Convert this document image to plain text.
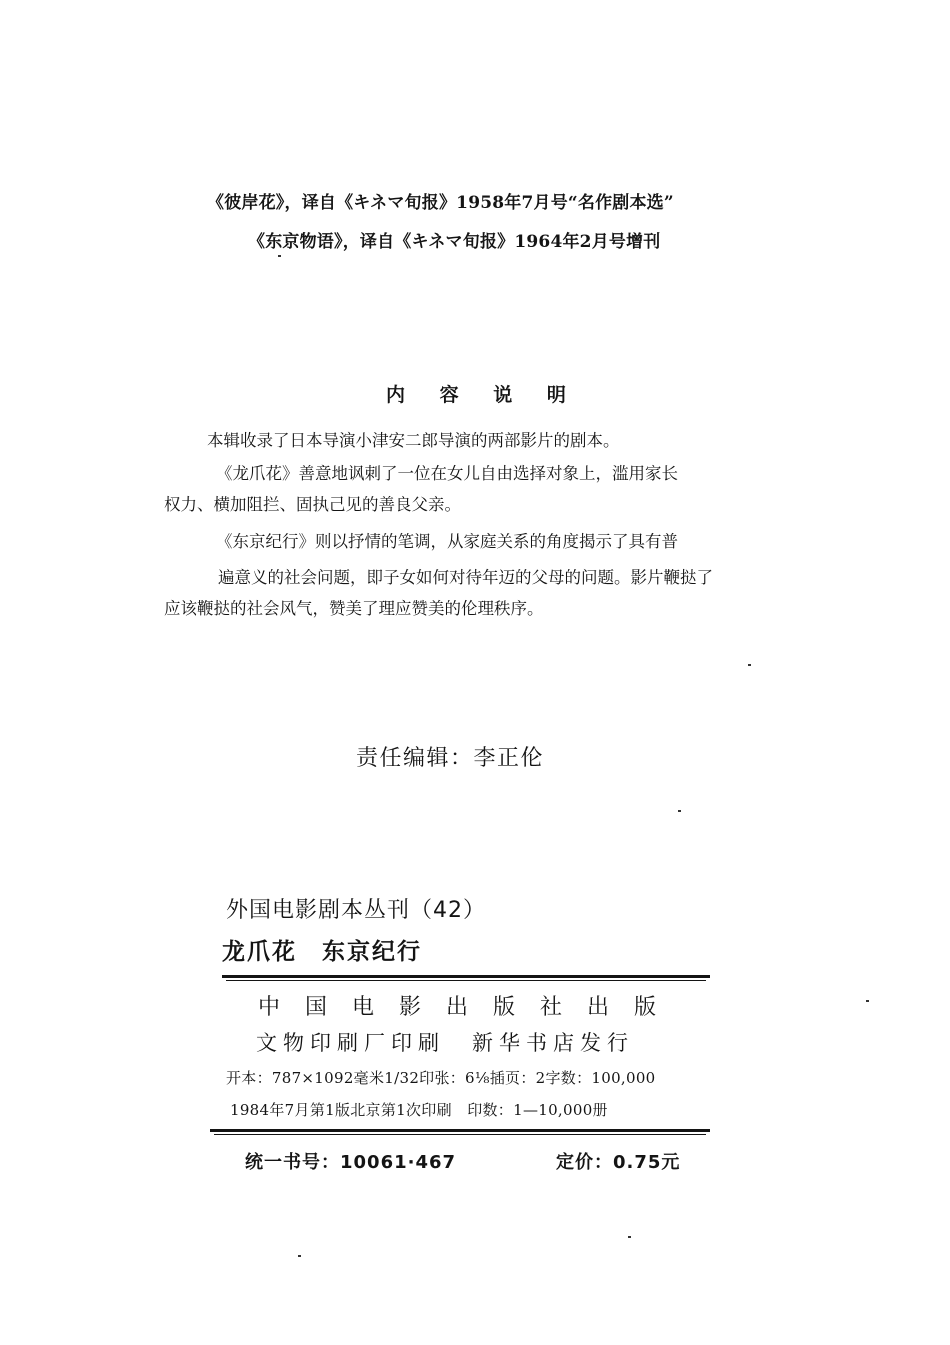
《彼岸花》，译自《キネマ旬报》1958年7月号“名作剧本选”
《东京物语》，译自《キネマ旬报》1964年2月号增刊
内 容 说 明
本辑收录了日本导演小津安二郎导演的两部影片的剧本。
《龙爪花》善意地讽刺了一位在女儿自由选择对象上，滥用家长
权力、横加阻拦、固执己见的善良父亲。
《东京纪行》则以抒情的笔调，从家庭关系的角度揭示了具有普
遍意义的社会问题，即子女如何对待年迈的父母的问题。影片鞭挞了
应该鞭挞的社会风气，赞美了理应赞美的伦理秩序。
责任编辑：李正伦
外国电影剧本丛刊（42）
龙爪花　东京纪行
中国电影出版社出版
文物印刷厂印刷　新华书店发行
开本：787×1092毫米1/32印张：6⅛插页：2字数：100,000
1984年7月第1版北京第1次印刷　印数：1—10,000册
统一书号：10061·467	定价：0.75元
